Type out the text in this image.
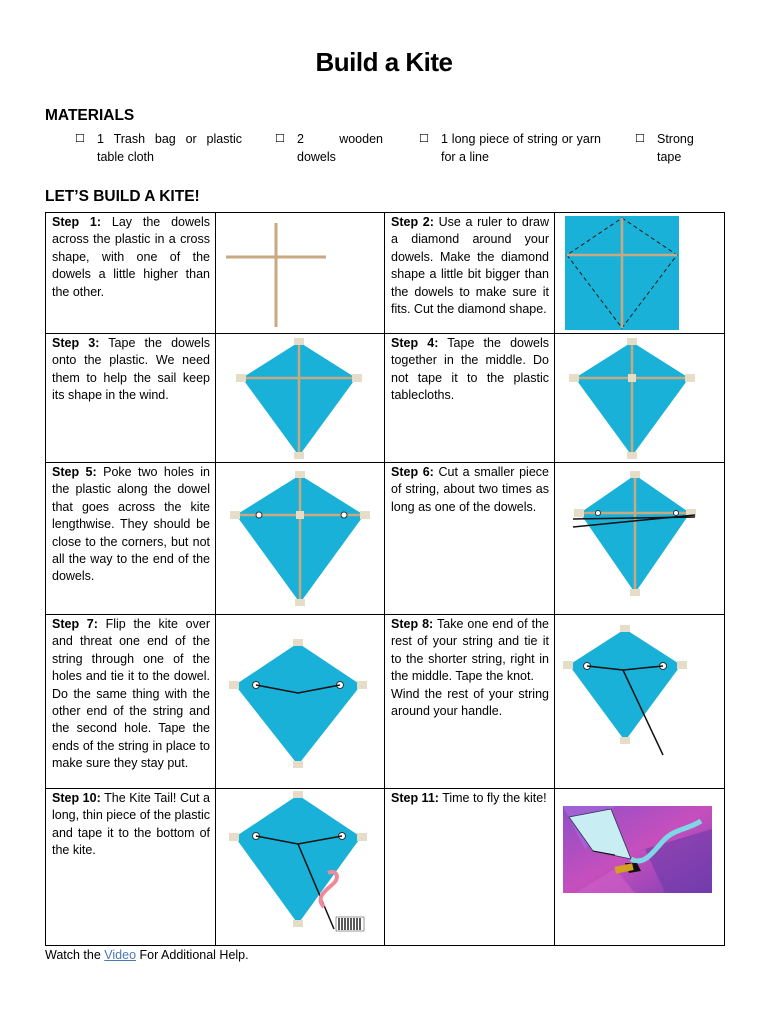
Build a Kite
MATERIALS
☐ 1 Trash bag or plastic table cloth
☐ 2 wooden dowels
☐ 1 long piece of string or yarn for a line
☐ Strong tape
LET’S BUILD A KITE!
Step 1: Lay the dowels across the plastic in a cross shape, with one of the dowels a little higher than the other.		Step 2: Use a ruler to draw a diamond around your dowels. Make the diamond shape a little bit bigger than the dowels to make sure it fits. Cut the diamond shape.	

Step 3: Tape the dowels onto the plastic. We need them to help the sail keep its shape in the wind.		Step 4: Tape the dowels together in the middle. Do not tape it to the plastic tablecloths.	

Step 5: Poke two holes in the plastic along the dowel that goes across the kite lengthwise. They should be close to the corners, but not all the way to the end of the dowels.		Step 6: Cut a smaller piece of string, about two times as long as one of the dowels.	

Step 7: Flip the kite over and threat one end of the string through one of the holes and tie it to the dowel. Do the same thing with the other end of the string and the second hole. Tape the ends of the string in place to make sure they stay put.		Step 8: Take one end of the rest of your string and tie it to the shorter string, right in the middle. Tape the knot.
Wind the rest of your string around your handle.	

Step 10: The Kite Tail! Cut a long, thin piece of the plastic and tape it to the bottom of the kite.		Step 11: Time to fly the kite!	
Watch the Video For Additional Help.
